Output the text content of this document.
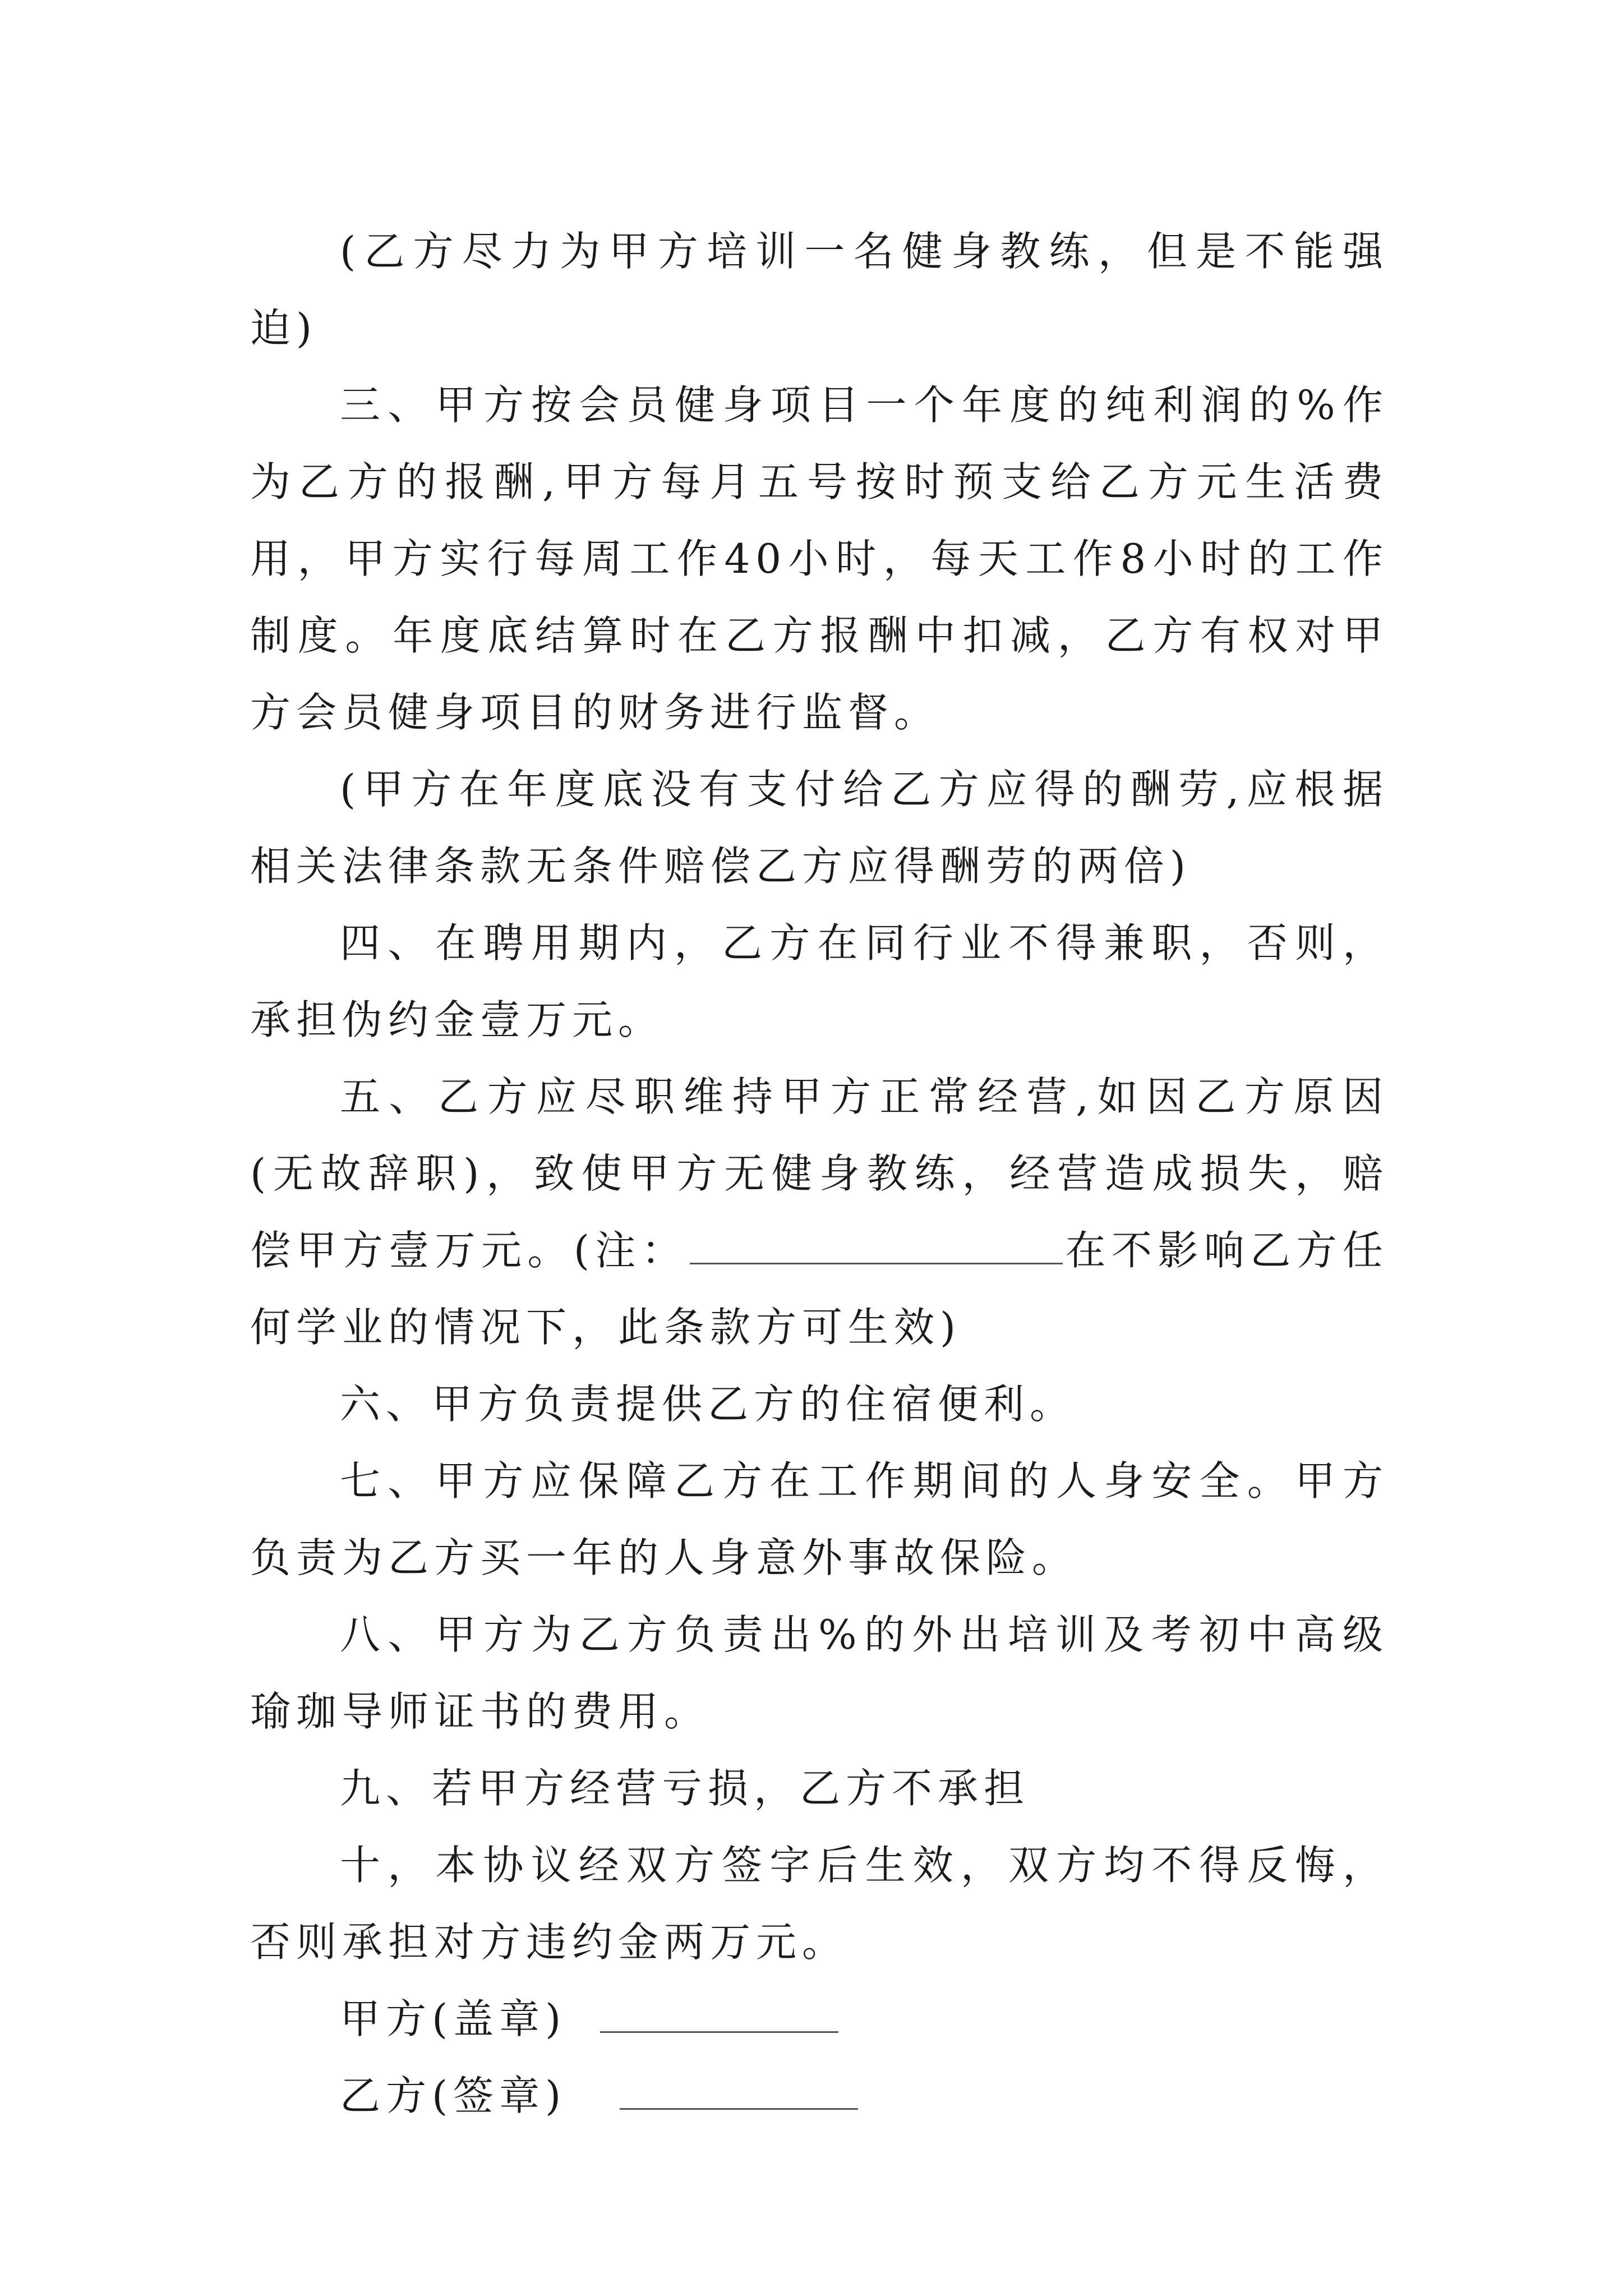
(乙方尽力为甲方培训一名健身教练，但是不能强迫)

三、甲方按会员健身项目一个年度的纯利润的%作为乙方的报酬,甲方每月五号按时预支给乙方元生活费用，甲方实行每周工作40小时，每天工作8小时的工作制度。年度底结算时在乙方报酬中扣减，乙方有权对甲方会员健身项目的财务进行监督。

(甲方在年度底没有支付给乙方应得的酬劳,应根据相关法律条款无条件赔偿乙方应得酬劳的两倍)

四、在聘用期内，乙方在同行业不得兼职，否则，承担伪约金壹万元。

五、乙方应尽职维持甲方正常经营,如因乙方原因(无故辞职)，致使甲方无健身教练，经营造成损失，赔偿甲方壹万元。(注：	在不影响乙方任何学业的情况下，此条款方可生效)

六、甲方负责提供乙方的住宿便利。

七、甲方应保障乙方在工作期间的人身安全。甲方负责为乙方买一年的人身意外事故保险。

八、甲方为乙方负责出%的外出培训及考初中高级瑜珈导师证书的费用。

九、若甲方经营亏损，乙方不承担

十，本协议经双方签字后生效，双方均不得反悔，否则承担对方违约金两万元。

甲方(盖章)

乙方(签章)
